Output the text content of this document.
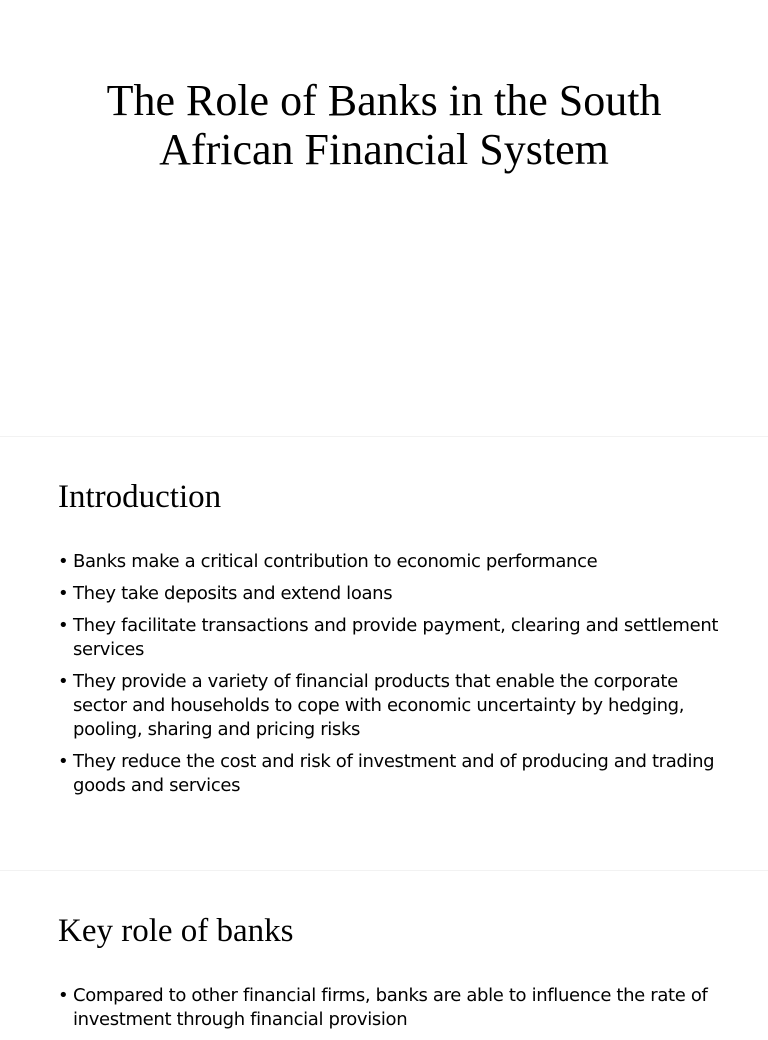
The Role of Banks in the South African Financial System
Introduction
• Banks make a critical contribution to economic performance
• They take deposits and extend loans
• They facilitate transactions and provide payment, clearing and settlement services
• They provide a variety of financial products that enable the corporate sector and households to cope with economic uncertainty by hedging, pooling, sharing and pricing risks
• They reduce the cost and risk of investment and of producing and trading goods and services
Key role of banks
• Compared to other financial firms, banks are able to influence the rate of investment through financial provision
